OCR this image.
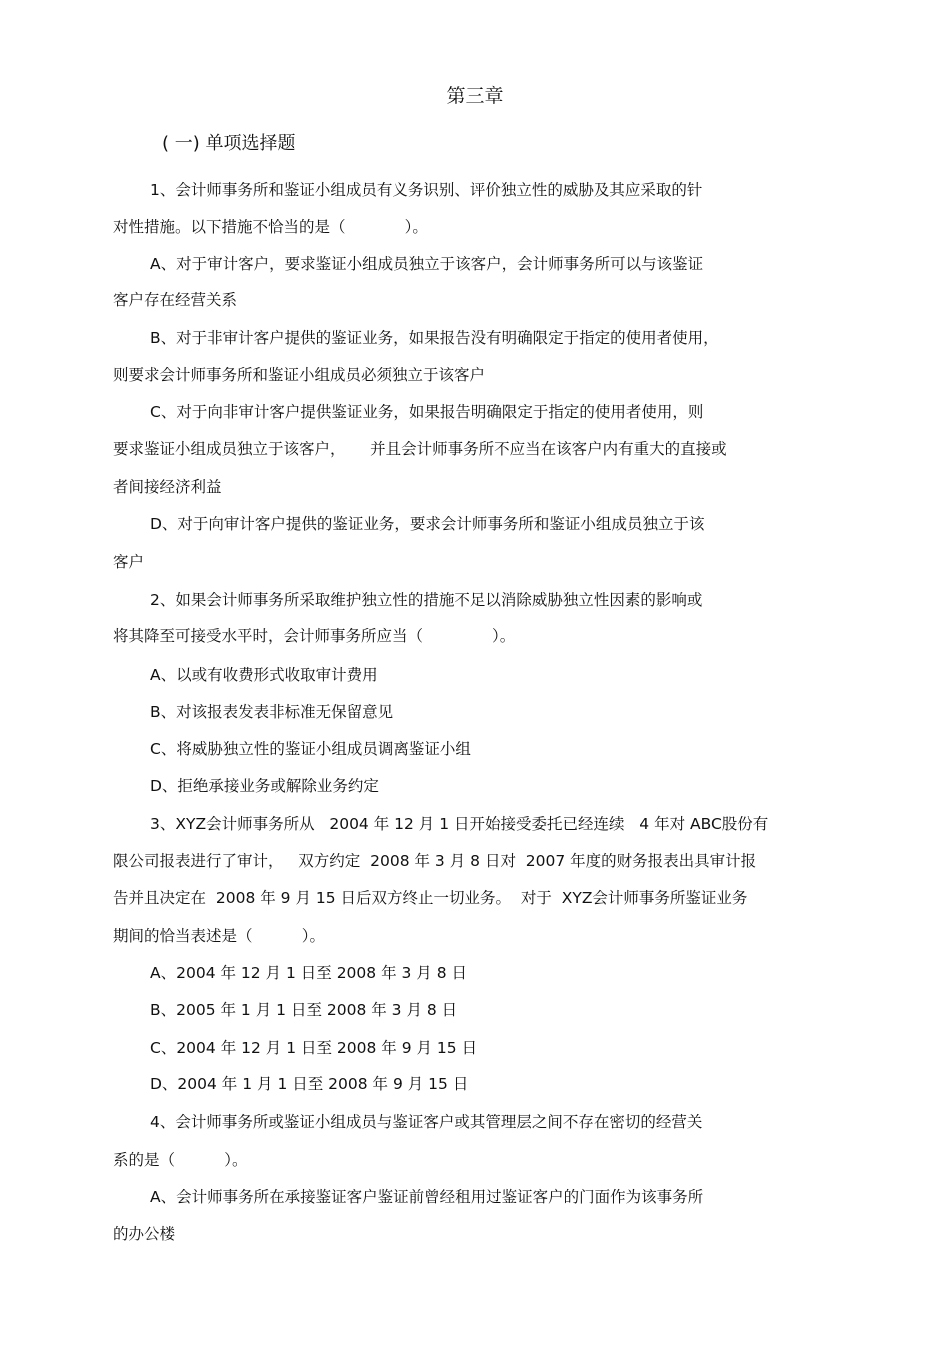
第三章
( 一) 单项选择题
1、会计师事务所和鉴证小组成员有义务识别、评价独立性的威胁及其应采取的针
对性措施。以下措施不恰当的是（            ）。
A、对于审计客户，要求鉴证小组成员独立于该客户，会计师事务所可以与该鉴证
客户存在经营关系
B、对于非审计客户提供的鉴证业务，如果报告没有明确限定于指定的使用者使用，
则要求会计师事务所和鉴证小组成员必须独立于该客户
C、对于向非审计客户提供鉴证业务，如果报告明确限定于指定的使用者使用，则
要求鉴证小组成员独立于该客户，     并且会计师事务所不应当在该客户内有重大的直接或
者间接经济利益
D、对于向审计客户提供的鉴证业务，要求会计师事务所和鉴证小组成员独立于该
客户
2、如果会计师事务所采取维护独立性的措施不足以消除威胁独立性因素的影响或
将其降至可接受水平时，会计师事务所应当（              ）。
A、以或有收费形式收取审计费用
B、对该报表发表非标准无保留意见
C、将威胁独立性的鉴证小组成员调离鉴证小组
D、拒绝承接业务或解除业务约定
3、XYZ会计师事务所从   2004 年 12 月 1 日开始接受委托已经连续   4 年对 ABC股份有
限公司报表进行了审计，   双方约定  2008 年 3 月 8 日对  2007 年度的财务报表出具审计报
告并且决定在  2008 年 9 月 15 日后双方终止一切业务。  对于  XYZ会计师事务所鉴证业务
期间的恰当表述是（          ）。
A、2004 年 12 月 1 日至 2008 年 3 月 8 日
B、2005 年 1 月 1 日至 2008 年 3 月 8 日
C、2004 年 12 月 1 日至 2008 年 9 月 15 日
D、2004 年 1 月 1 日至 2008 年 9 月 15 日
4、会计师事务所或鉴证小组成员与鉴证客户或其管理层之间不存在密切的经营关
系的是（          ）。
A、会计师事务所在承接鉴证客户鉴证前曾经租用过鉴证客户的门面作为该事务所
的办公楼
